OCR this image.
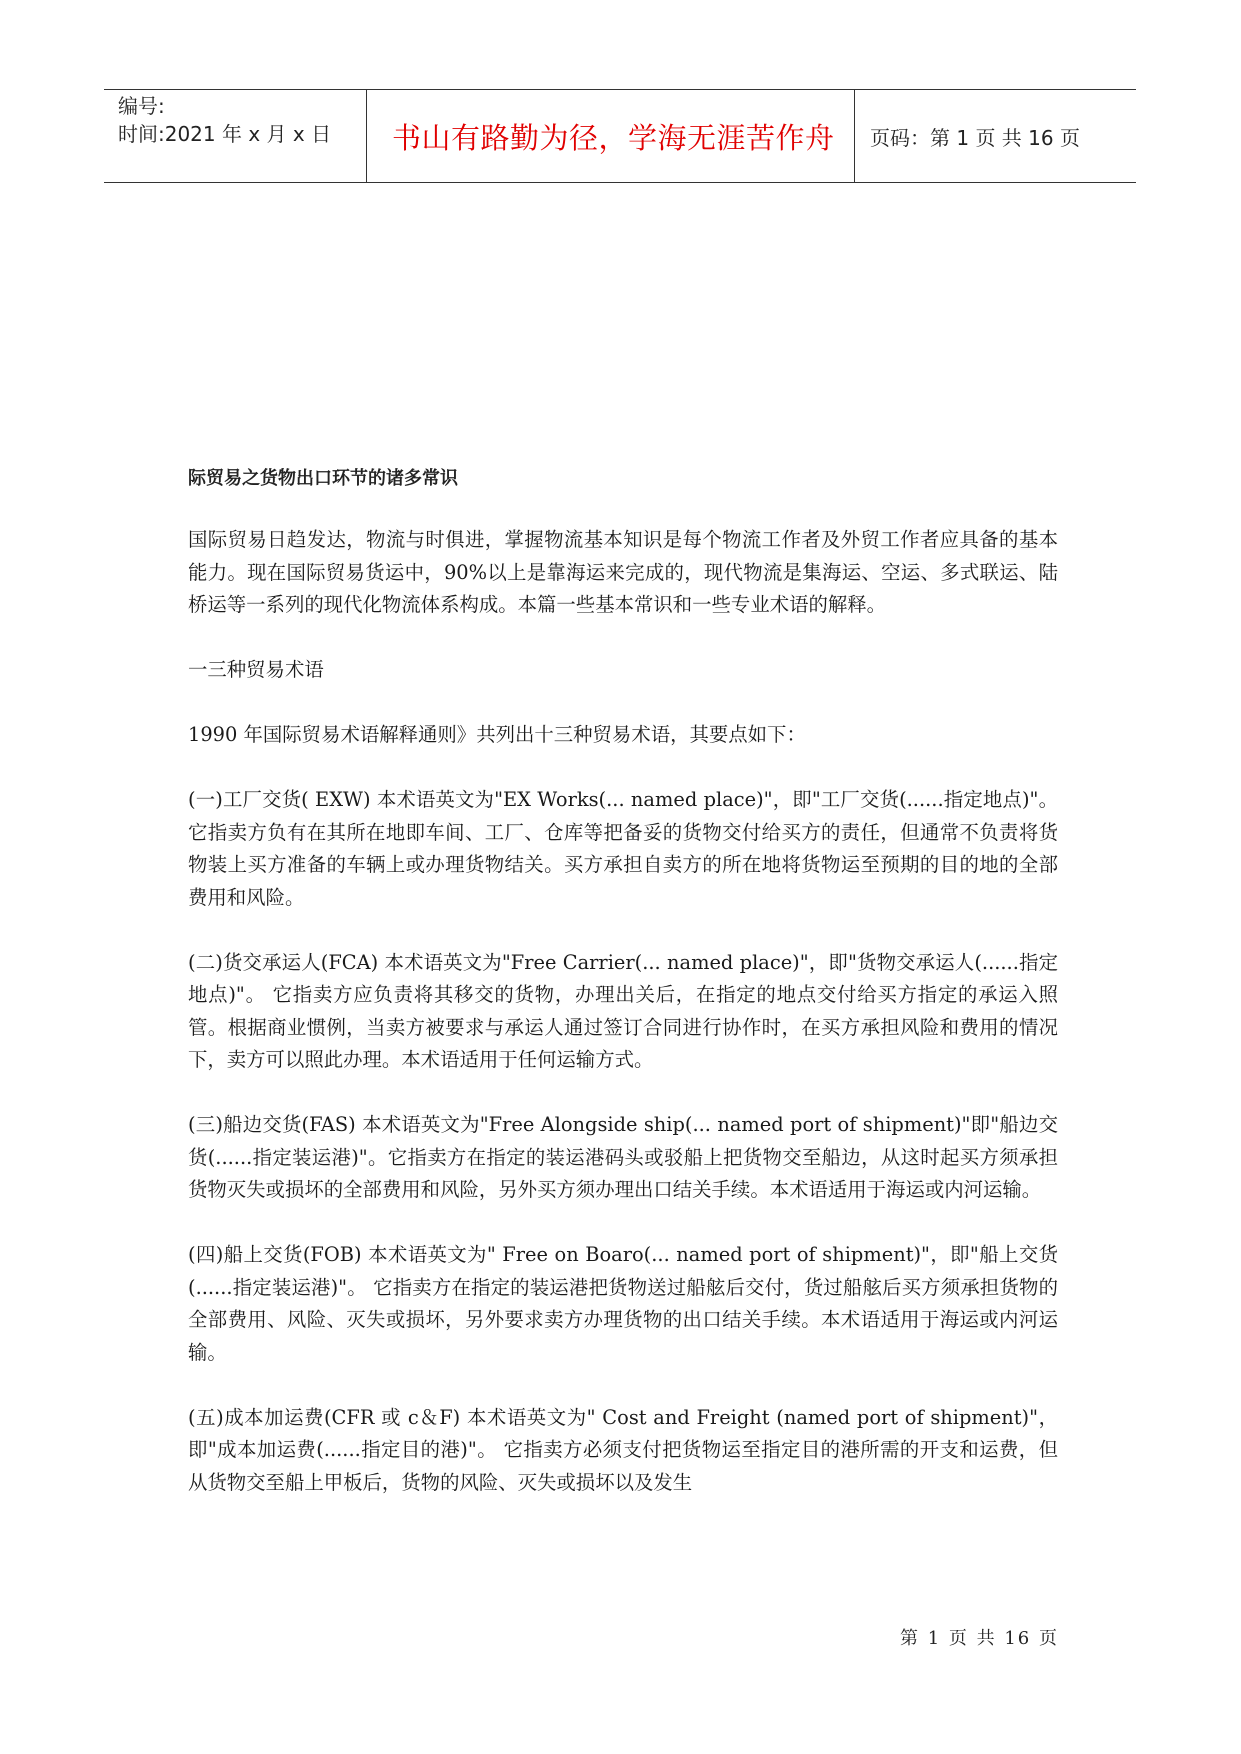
编号:
时间:2021 年 x 月 x 日 书山有路勤为径，学海无涯苦作舟 页码：第 1 页 共 16 页
际贸易之货物出口环节的诸多常识

国际贸易日趋发达，物流与时俱进，掌握物流基本知识是每个物流工作者及外贸工作者应具备的基本能力。现在国际贸易货运中，90%以上是靠海运来完成的，现代物流是集海运、空运、多式联运、陆桥运等一系列的现代化物流体系构成。本篇一些基本常识和一些专业术语的解释。

一三种贸易术语

1990 年国际贸易术语解释通则》共列出十三种贸易术语，其要点如下：

(一)工厂交货( EXW) 本术语英文为"EX Works(... named place)"，即"工厂交货(......指定地点)"。 它指卖方负有在其所在地即车间、工厂、仓库等把备妥的货物交付给买方的责任，但通常不负责将货物装上买方准备的车辆上或办理货物结关。买方承担自卖方的所在地将货物运至预期的目的地的全部费用和风险。

(二)货交承运人(FCA) 本术语英文为"Free Carrier(... named place)"，即"货物交承运人(......指定地点)"。 它指卖方应负责将其移交的货物，办理出关后，在指定的地点交付给买方指定的承运入照管。根据商业惯例，当卖方被要求与承运人通过签订合同进行协作时，在买方承担风险和费用的情况下，卖方可以照此办理。本术语适用于任何运输方式。

(三)船边交货(FAS) 本术语英文为"Free Alongside ship(... named port of shipment)"即"船边交货(......指定装运港)"。它指卖方在指定的装运港码头或驳船上把货物交至船边，从这时起买方须承担货物灭失或损坏的全部费用和风险，另外买方须办理出口结关手续。本术语适用于海运或内河运输。

(四)船上交货(FOB) 本术语英文为" Free on Boaro(... named port of shipment)"，即"船上交货(......指定装运港)"。 它指卖方在指定的装运港把货物送过船舷后交付，货过船舷后买方须承担货物的全部费用、风险、灭失或损坏，另外要求卖方办理货物的出口结关手续。本术语适用于海运或内河运输。

(五)成本加运费(CFR 或 c＆F) 本术语英文为" Cost and Freight (named port of shipment)"，即"成本加运费(......指定目的港)"。 它指卖方必须支付把货物运至指定目的港所需的开支和运费，但从货物交至船上甲板后，货物的风险、灭失或损坏以及发生

第 1 页 共 16 页
